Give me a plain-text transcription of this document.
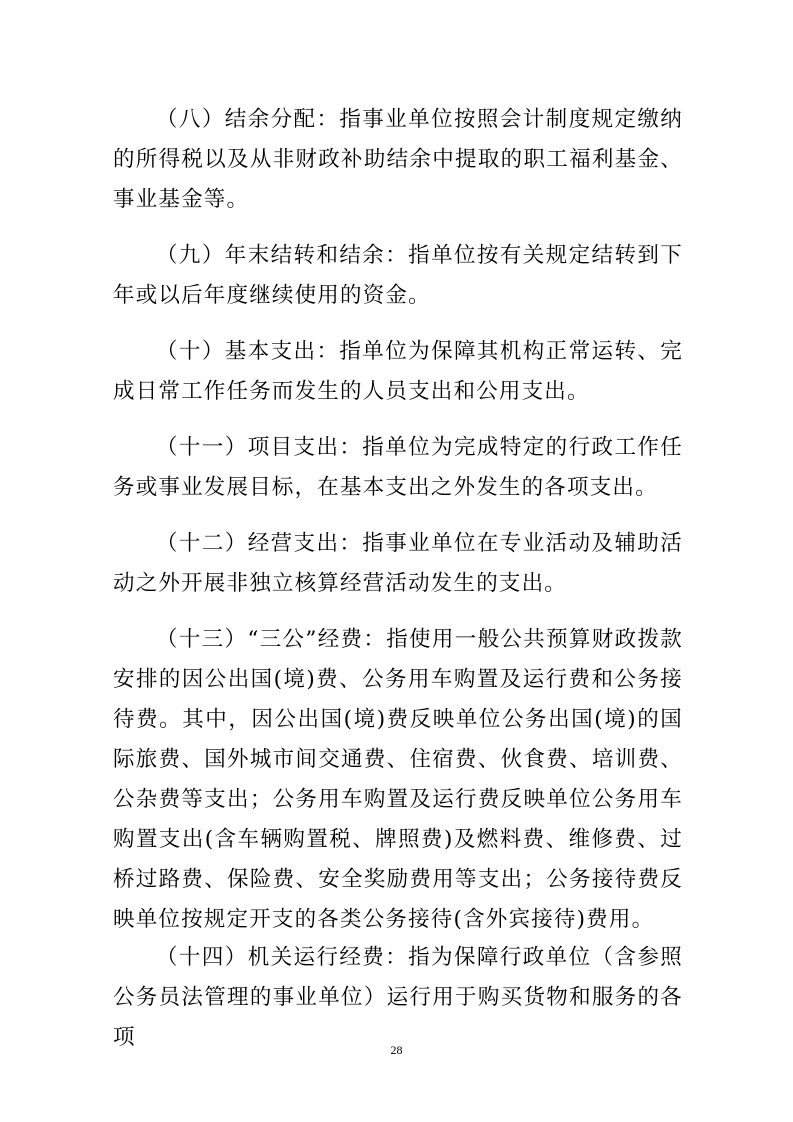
（八）结余分配：指事业单位按照会计制度规定缴纳的所得税以及从非财政补助结余中提取的职工福利基金、事业基金等。

（九）年末结转和结余：指单位按有关规定结转到下年或以后年度继续使用的资金。

（十）基本支出：指单位为保障其机构正常运转、完成日常工作任务而发生的人员支出和公用支出。

（十一）项目支出：指单位为完成特定的行政工作任务或事业发展目标，在基本支出之外发生的各项支出。

（十二）经营支出：指事业单位在专业活动及辅助活动之外开展非独立核算经营活动发生的支出。

（十三）“三公”经费：指使用一般公共预算财政拨款安排的因公出国(境)费、公务用车购置及运行费和公务接待费。其中，因公出国(境)费反映单位公务出国(境)的国际旅费、国外城市间交通费、住宿费、伙食费、培训费、公杂费等支出；公务用车购置及运行费反映单位公务用车购置支出(含车辆购置税、牌照费)及燃料费、维修费、过桥过路费、保险费、安全奖励费用等支出；公务接待费反映单位按规定开支的各类公务接待(含外宾接待)费用。

（十四）机关运行经费：指为保障行政单位（含参照公务员法管理的事业单位）运行用于购买货物和服务的各项	28
